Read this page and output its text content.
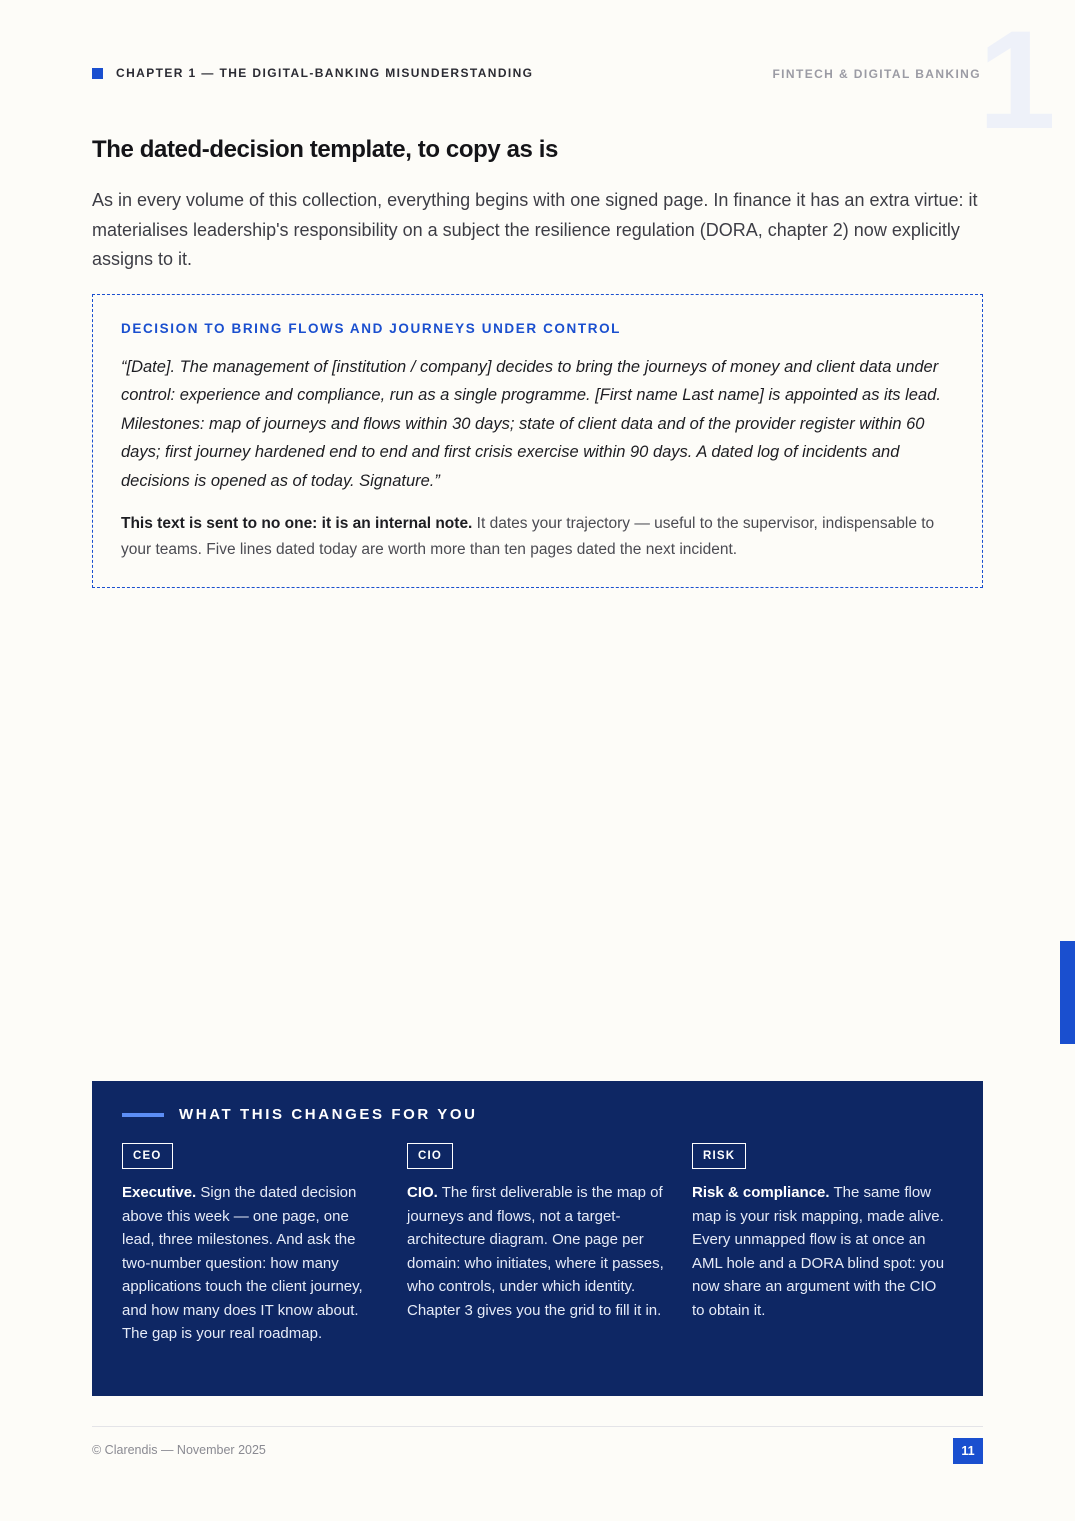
CHAPTER 1 — THE DIGITAL-BANKING MISUNDERSTANDING	1
FINTECH & DIGITAL BANKING
The dated-decision template, to copy as is

As in every volume of this collection, everything begins with one signed page. In finance it has an extra virtue: it materialises leadership's responsibility on a subject the resilience regulation (DORA, chapter 2) now explicitly assigns to it.

DECISION TO BRING FLOWS AND JOURNEYS UNDER CONTROL

“[Date]. The management of [institution / company] decides to bring the journeys of money and client data under control: experience and compliance, run as a single programme. [First name Last name] is appointed as its lead. Milestones: map of journeys and flows within 30 days; state of client data and of the provider register within 60 days; first journey hardened end to end and first crisis exercise within 90 days. A dated log of incidents and decisions is opened as of today. Signature.”

This text is sent to no one: it is an internal note. It dates your trajectory — useful to the supervisor, indispensable to your teams. Five lines dated today are worth more than ten pages dated the next incident.

WHAT THIS CHANGES FOR YOU
CEO

Executive. Sign the dated decision above this week — one page, one lead, three milestones. And ask the two-number question: how many applications touch the client journey, and how many does IT know about. The gap is your real roadmap.

CIO

CIO. The first deliverable is the map of journeys and flows, not a target-architecture diagram. One page per domain: who initiates, where it passes, who controls, under which identity. Chapter 3 gives you the grid to fill it in.

RISK

Risk & compliance. The same flow map is your risk mapping, made alive. Every unmapped flow is at once an AML hole and a DORA blind spot: you now share an argument with the CIO to obtain it.

© Clarendis — November 2025	11
